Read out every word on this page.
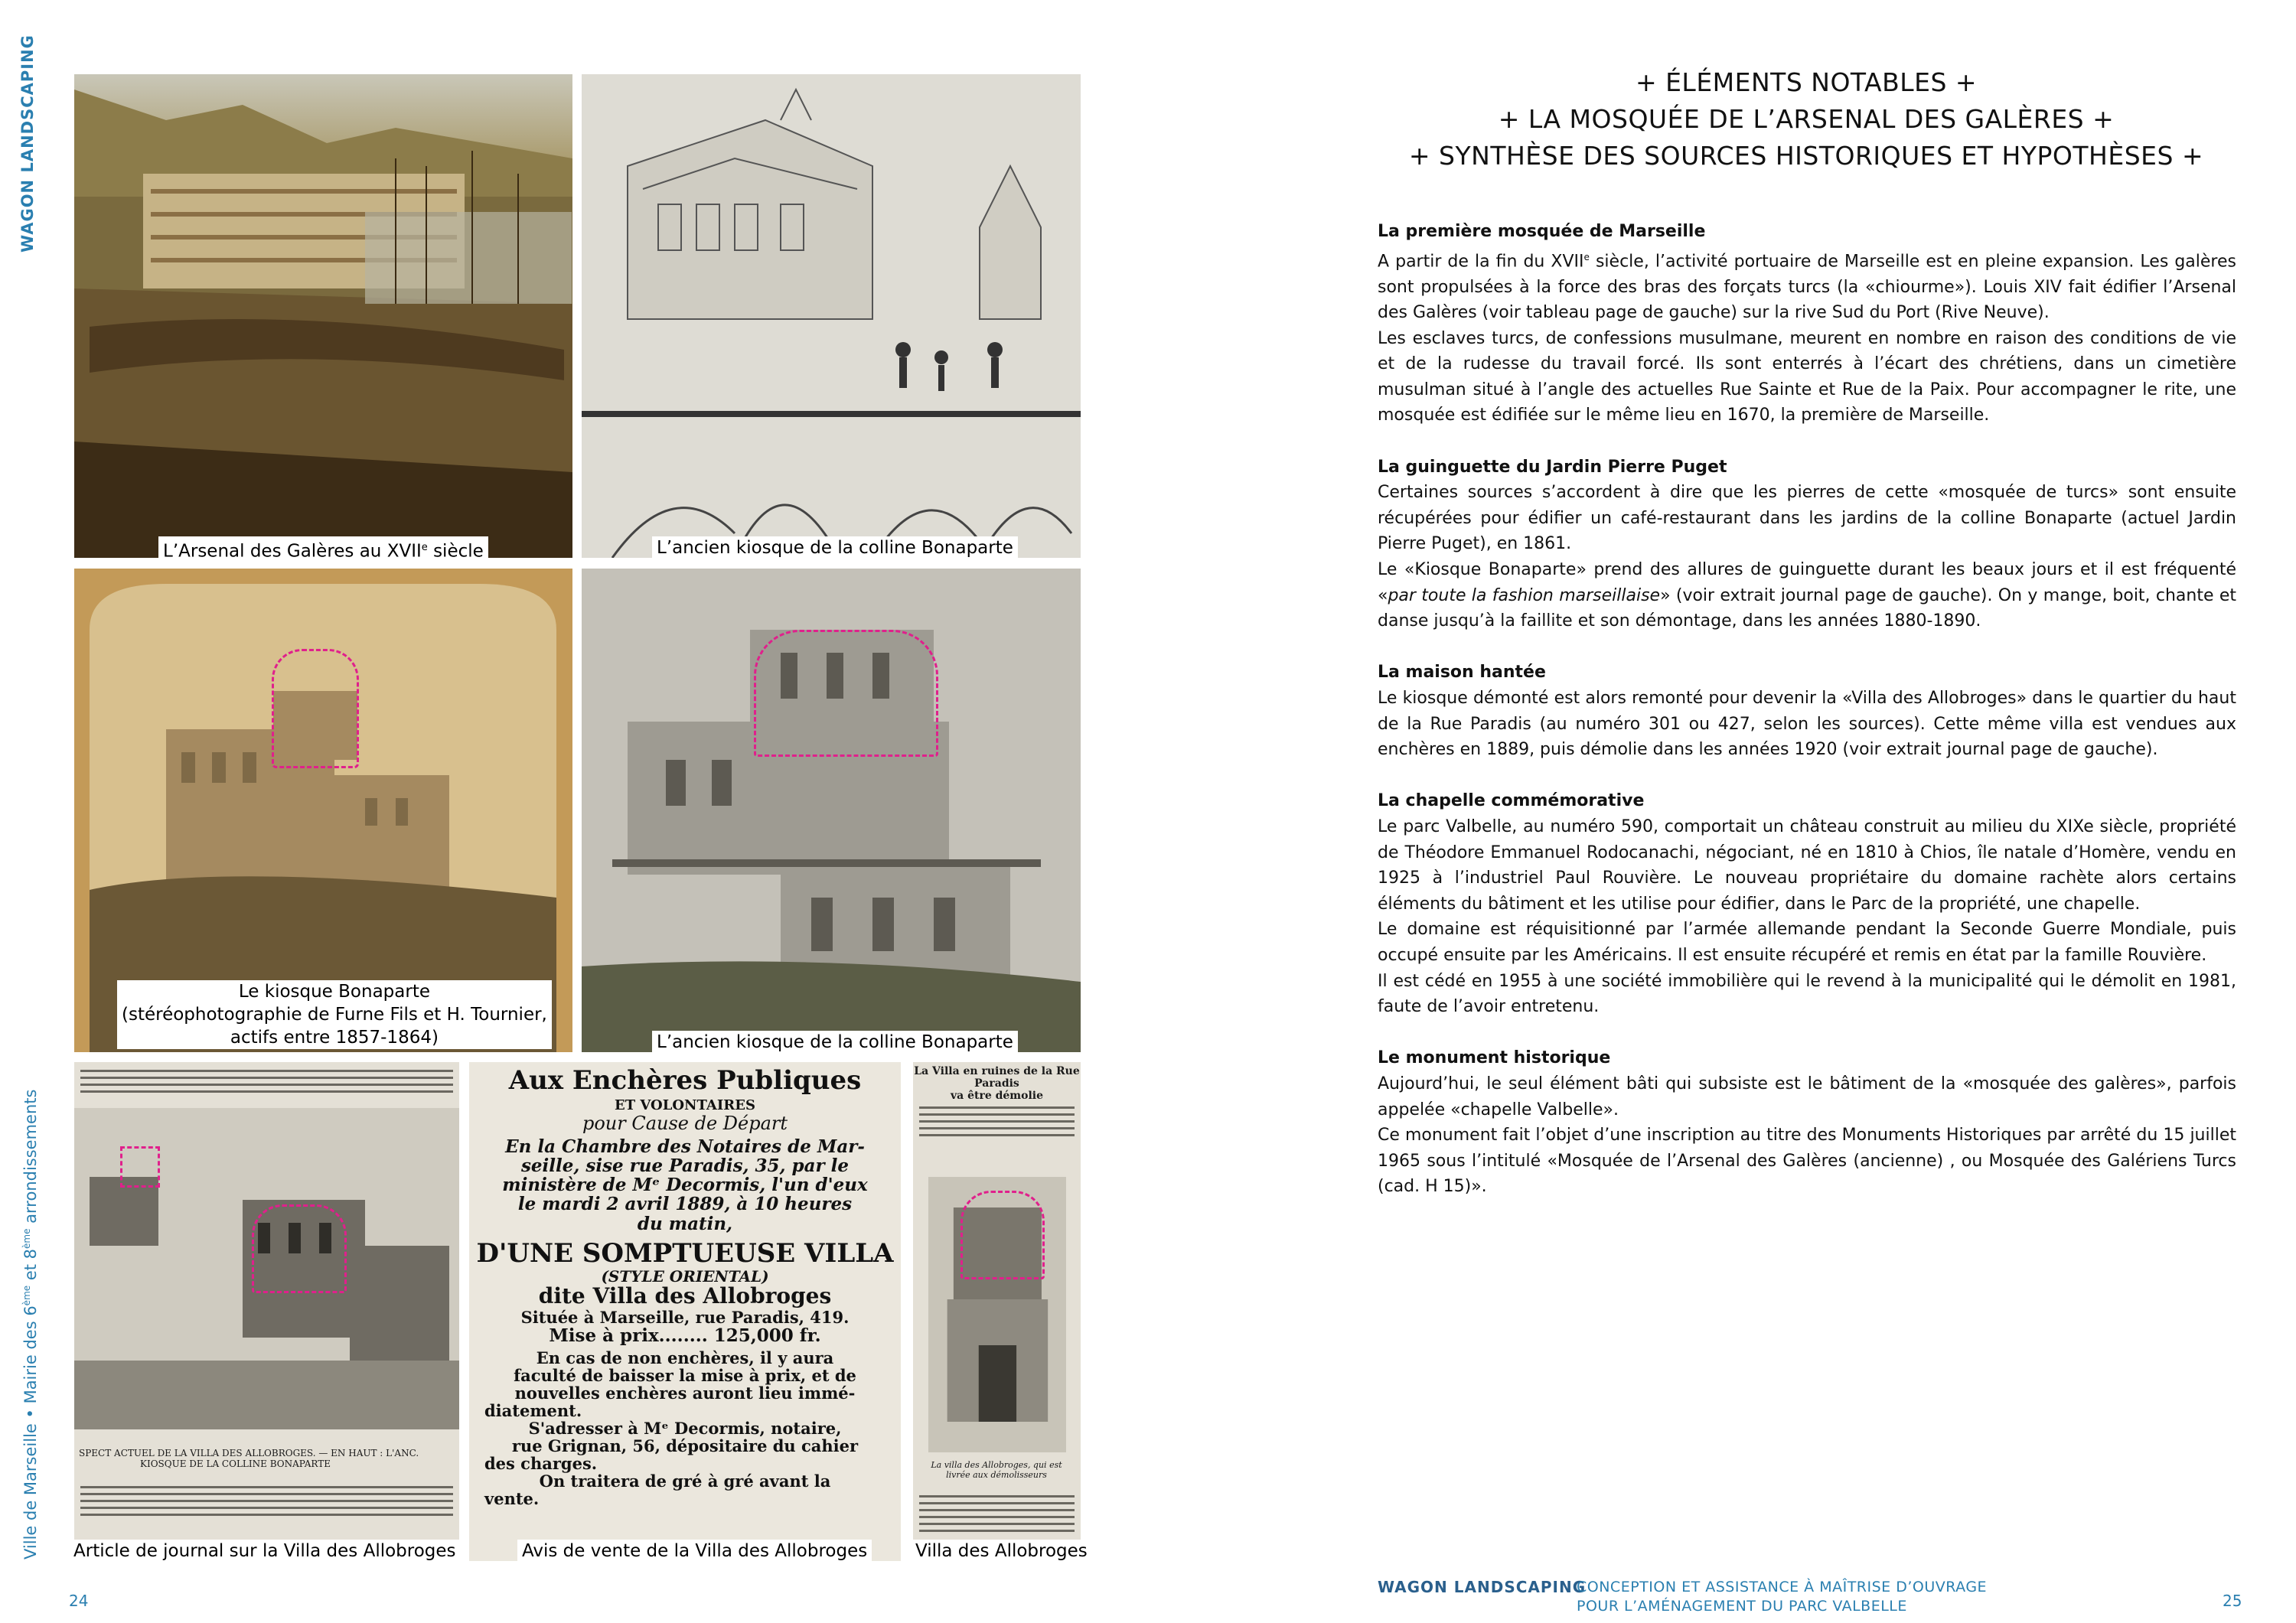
WAGON LANDSCAPING
Ville de Marseille • Mairie des 6ème et 8ème arrondissements
24	25
L’Arsenal des Galères au XVIIe siècle	L’ancien kiosque de la colline Bonaparte
Le kiosque Bonaparte
(stéréophotographie de Furne Fils et H. Tournier,
actifs entre 1857-1864)	L’ancien kiosque de la colline Bonaparte
SPECT ACTUEL DE LA VILLA DES ALLOBROGES. — EN HAUT : L'ANC.
KIOSQUE DE LA COLLINE BONAPARTE
Article de journal sur la Villa des Allobroges
Aux Enchères Publiques
ET VOLONTAIRES
pour Cause de Départ
En la Chambre des Notaires de Mar-
seille, sise rue Paradis, 35, par le
ministère de Mᵉ Decormis, l'un d'eux
le mardi 2 avril 1889, à 10 heures
du matin,
D'UNE SOMPTUEUSE VILLA
(STYLE ORIENTAL)
dite Villa des Allobroges
Située à Marseille, rue Paradis, 419.
Mise à prix........ 125,000 fr.
En cas de non enchères, il y aura
faculté de baisser la mise à prix, et de
nouvelles enchères auront lieu immé-
diatement.
S'adresser à Mᵉ Decormis, notaire,
rue Grignan, 56, dépositaire du cahier
des charges.
On traitera de gré à gré avant la
vente.
Avis de vente de la Villa des Allobroges
La Villa en ruines de la Rue Paradis
va être démolie
La villa des Allobroges, qui est livrée aux démolisseurs
Villa des Allobroges
+ ÉLÉMENTS NOTABLES +
+ LA MOSQUÉE DE L’ARSENAL DES GALÈRES +
+ SYNTHÈSE DES SOURCES HISTORIQUES ET HYPOTHÈSES +
La première mosquée de Marseille

A partir de la fin du XVIIe siècle, l’activité portuaire de Marseille est en pleine expansion. Les galères sont propulsées à la force des bras des forçats turcs (la «chiourme»). Louis XIV fait édifier l’Arsenal des Galères (voir tableau page de gauche) sur la rive Sud du Port (Rive Neuve).

Les esclaves turcs, de confessions musulmane, meurent en nombre en raison des conditions de vie et de la rudesse du travail forcé. Ils sont enterrés à l’écart des chrétiens, dans un cimetière musulman situé à l’angle des actuelles Rue Sainte et Rue de la Paix. Pour accompagner le rite, une mosquée est édifiée sur le même lieu en 1670, la première de Marseille.

La guinguette du Jardin Pierre Puget

Certaines sources s’accordent à dire que les pierres de cette «mosquée de turcs» sont ensuite récupérées pour édifier un café-restaurant dans les jardins de la colline Bonaparte (actuel Jardin Pierre Puget), en 1861.

Le «Kiosque Bonaparte» prend des allures de guinguette durant les beaux jours et il est fréquenté «par toute la fashion marseillaise» (voir extrait journal page de gauche). On y mange, boit, chante et danse jusqu’à la faillite et son démontage, dans les années 1880-1890.

La maison hantée

Le kiosque démonté est alors remonté pour devenir la «Villa des Allobroges» dans le quartier du haut de la Rue Paradis (au numéro 301 ou 427, selon les sources). Cette même villa est vendues aux enchères en 1889, puis démolie dans les années 1920 (voir extrait journal page de gauche).

La chapelle commémorative

Le parc Valbelle, au numéro 590, comportait un château construit au milieu du XIXe siècle, propriété de Théodore Emmanuel Rodocanachi, négociant, né en 1810 à Chios, île natale d’Homère, vendu en 1925 à l’industriel Paul Rouvière. Le nouveau propriétaire du domaine rachète alors certains éléments du bâtiment et les utilise pour édifier, dans le Parc de la propriété, une chapelle.

Le domaine est réquisitionné par l’armée allemande pendant la Seconde Guerre Mondiale, puis occupé ensuite par les Américains. Il est ensuite récupéré et remis en état par la famille Rouvière.

Il est cédé en 1955 à une société immobilière qui le revend à la municipalité qui le démolit en 1981, faute de l’avoir entretenu.

Le monument historique

Aujourd’hui, le seul élément bâti qui subsiste est le bâtiment de la «mosquée des galères», parfois appelée «chapelle Valbelle».

Ce monument fait l’objet d’une inscription au titre des Monuments Historiques par arrêté du 15 juillet 1965 sous l’intitulé «Mosquée de l’Arsenal des Galères (ancienne) , ou Mosquée des Galériens Turcs (cad. H 15)».

WAGON LANDSCAPING
CONCEPTION ET ASSISTANCE À MAÎTRISE D’OUVRAGE
POUR L’AMÉNAGEMENT DU PARC VALBELLE
